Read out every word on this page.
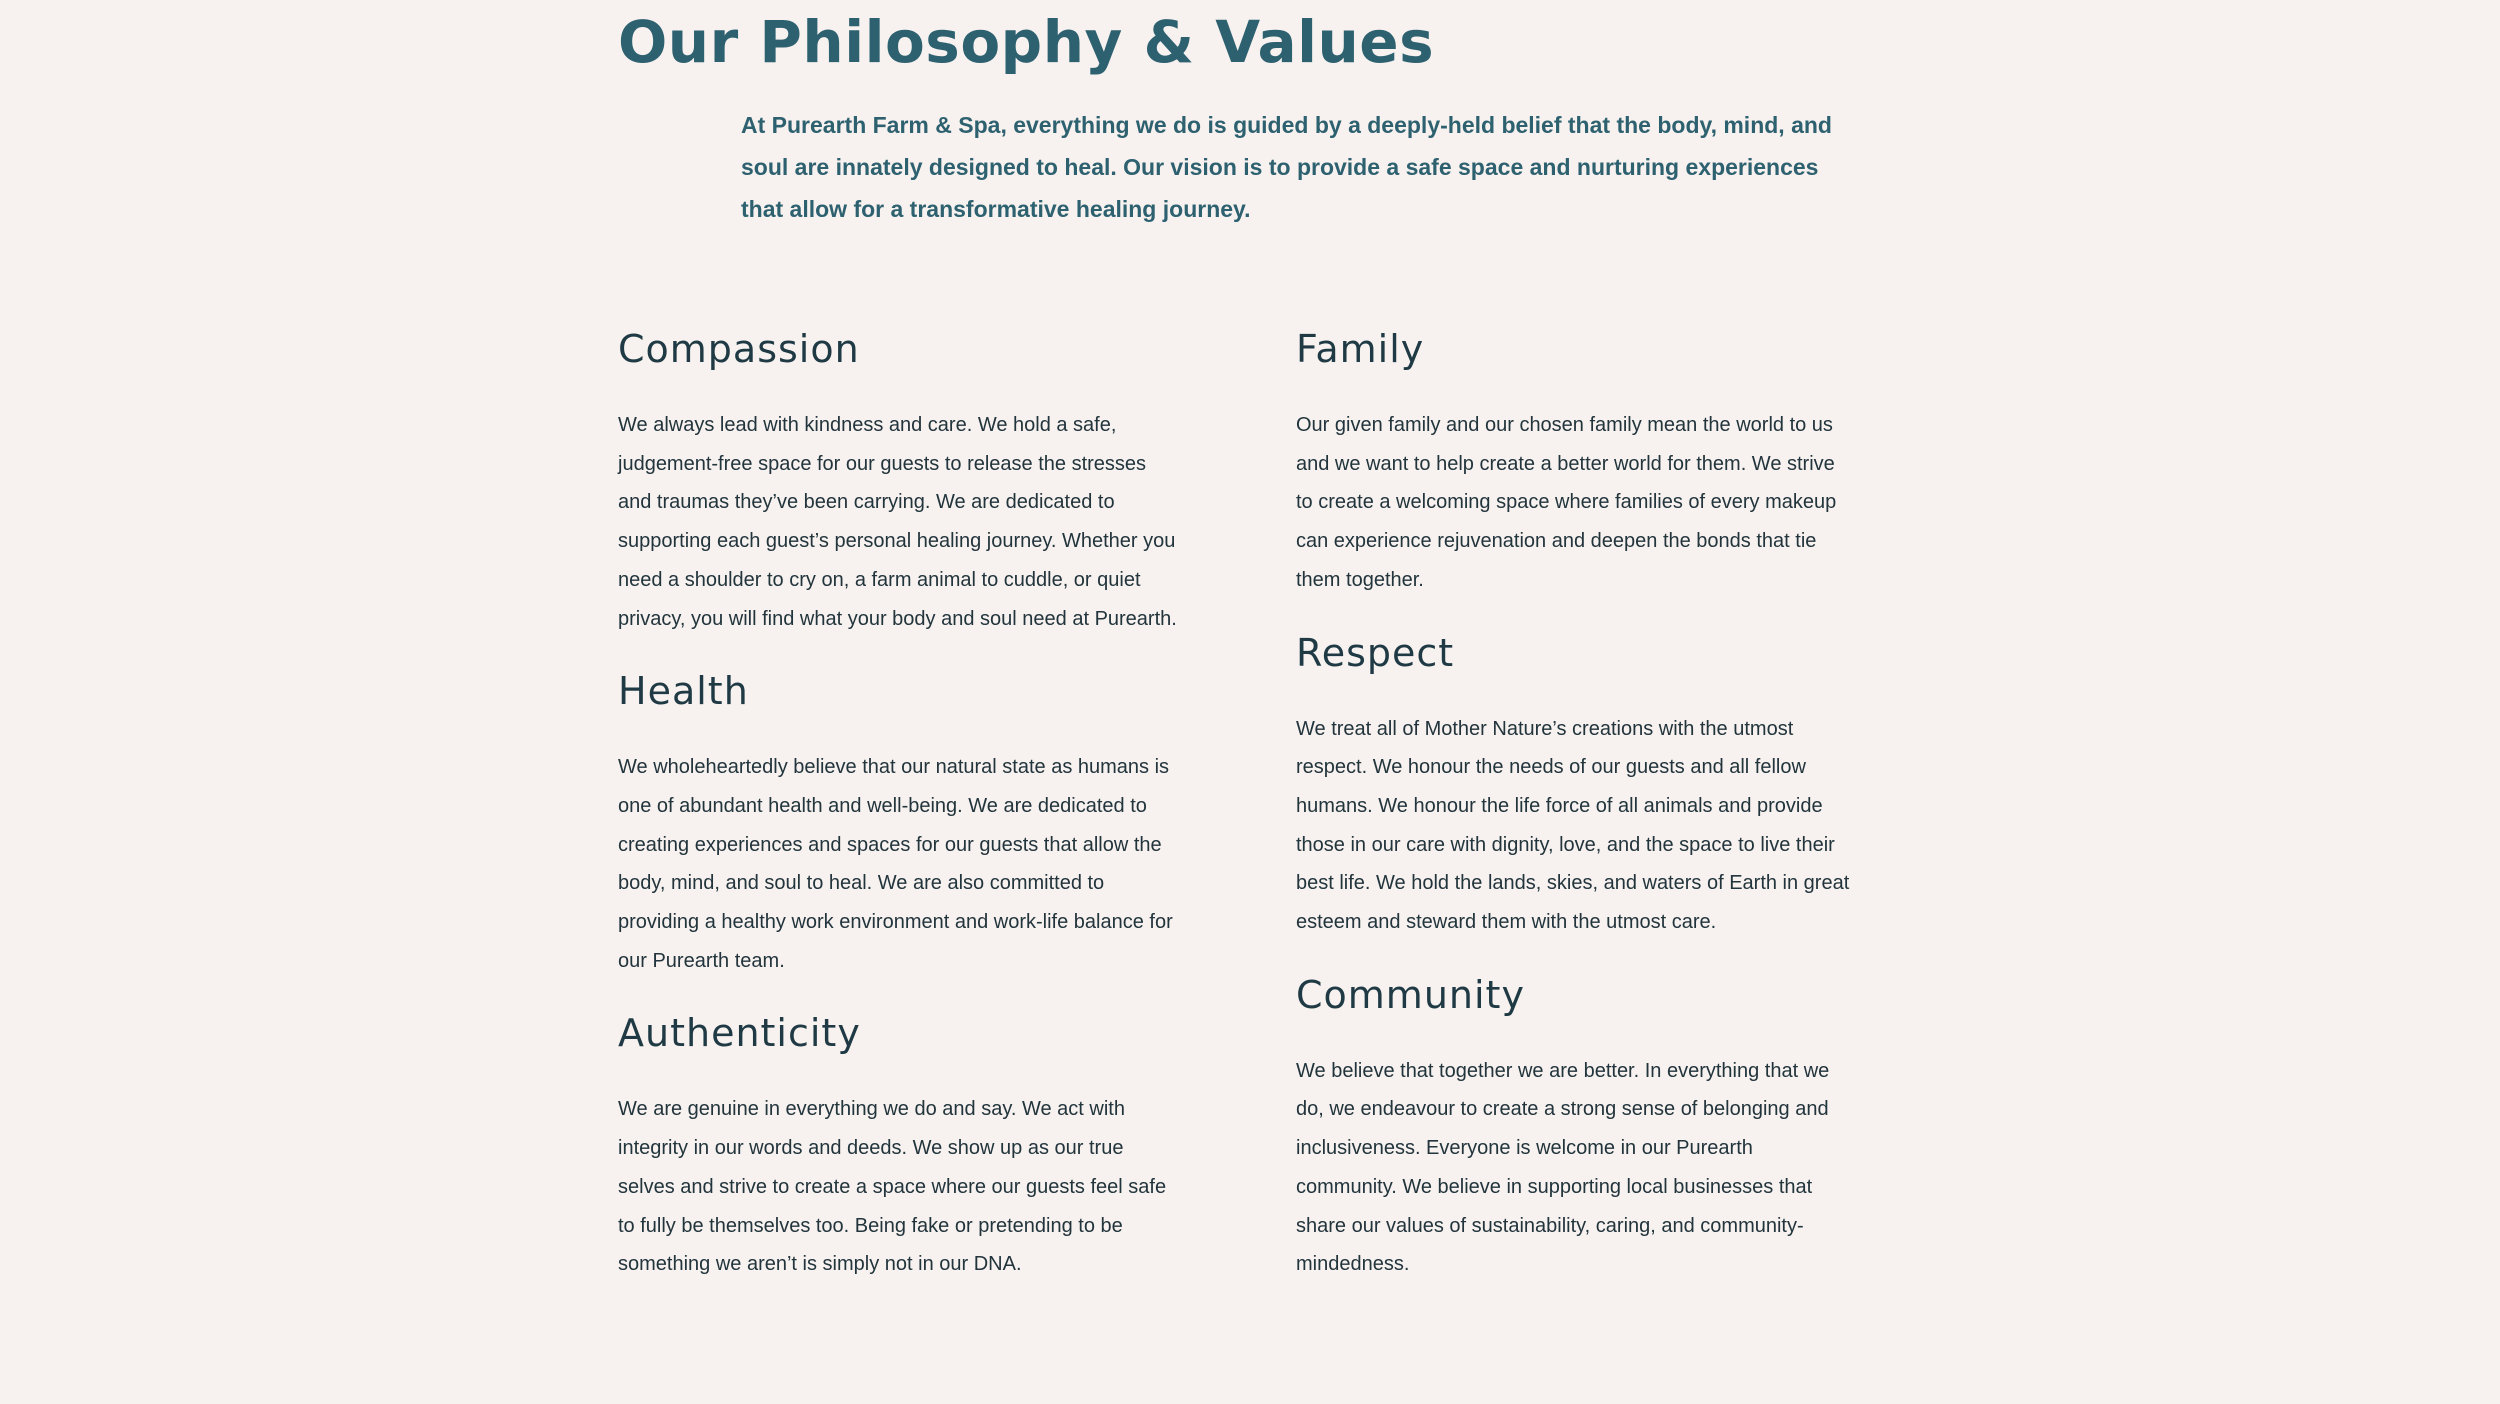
Our Philosophy & Values

At Purearth Farm & Spa, everything we do is guided by a deeply-held belief that the body, mind, and soul are innately designed to heal. Our vision is to provide a safe space and nurturing experiences that allow for a transformative healing journey.

Compassion

We always lead with kindness and care. We hold a safe, judgement-free space for our guests to release the stresses and traumas they’ve been carrying. We are dedicated to supporting each guest’s personal healing journey. Whether you need a shoulder to cry on, a farm animal to cuddle, or quiet privacy, you will find what your body and soul need at Purearth.

Health

We wholeheartedly believe that our natural state as humans is one of abundant health and well-being. We are dedicated to creating experiences and spaces for our guests that allow the body, mind, and soul to heal. We are also committed to providing a healthy work environment and work-life balance for our Purearth team.

Authenticity

We are genuine in everything we do and say. We act with integrity in our words and deeds. We show up as our true selves and strive to create a space where our guests feel safe to fully be themselves too. Being fake or pretending to be something we aren’t is simply not in our DNA.

Family

Our given family and our chosen family mean the world to us and we want to help create a better world for them. We strive to create a welcoming space where families of every makeup can experience rejuvenation and deepen the bonds that tie them together.

Respect

We treat all of Mother Nature’s creations with the utmost respect. We honour the needs of our guests and all fellow humans. We honour the life force of all animals and provide those in our care with dignity, love, and the space to live their best life. We hold the lands, skies, and waters of Earth in great esteem and steward them with the utmost care.

Community

We believe that together we are better. In everything that we do, we endeavour to create a strong sense of belonging and inclusiveness. Everyone is welcome in our Purearth community. We believe in supporting local businesses that share our values of sustainability, caring, and community-mindedness.
